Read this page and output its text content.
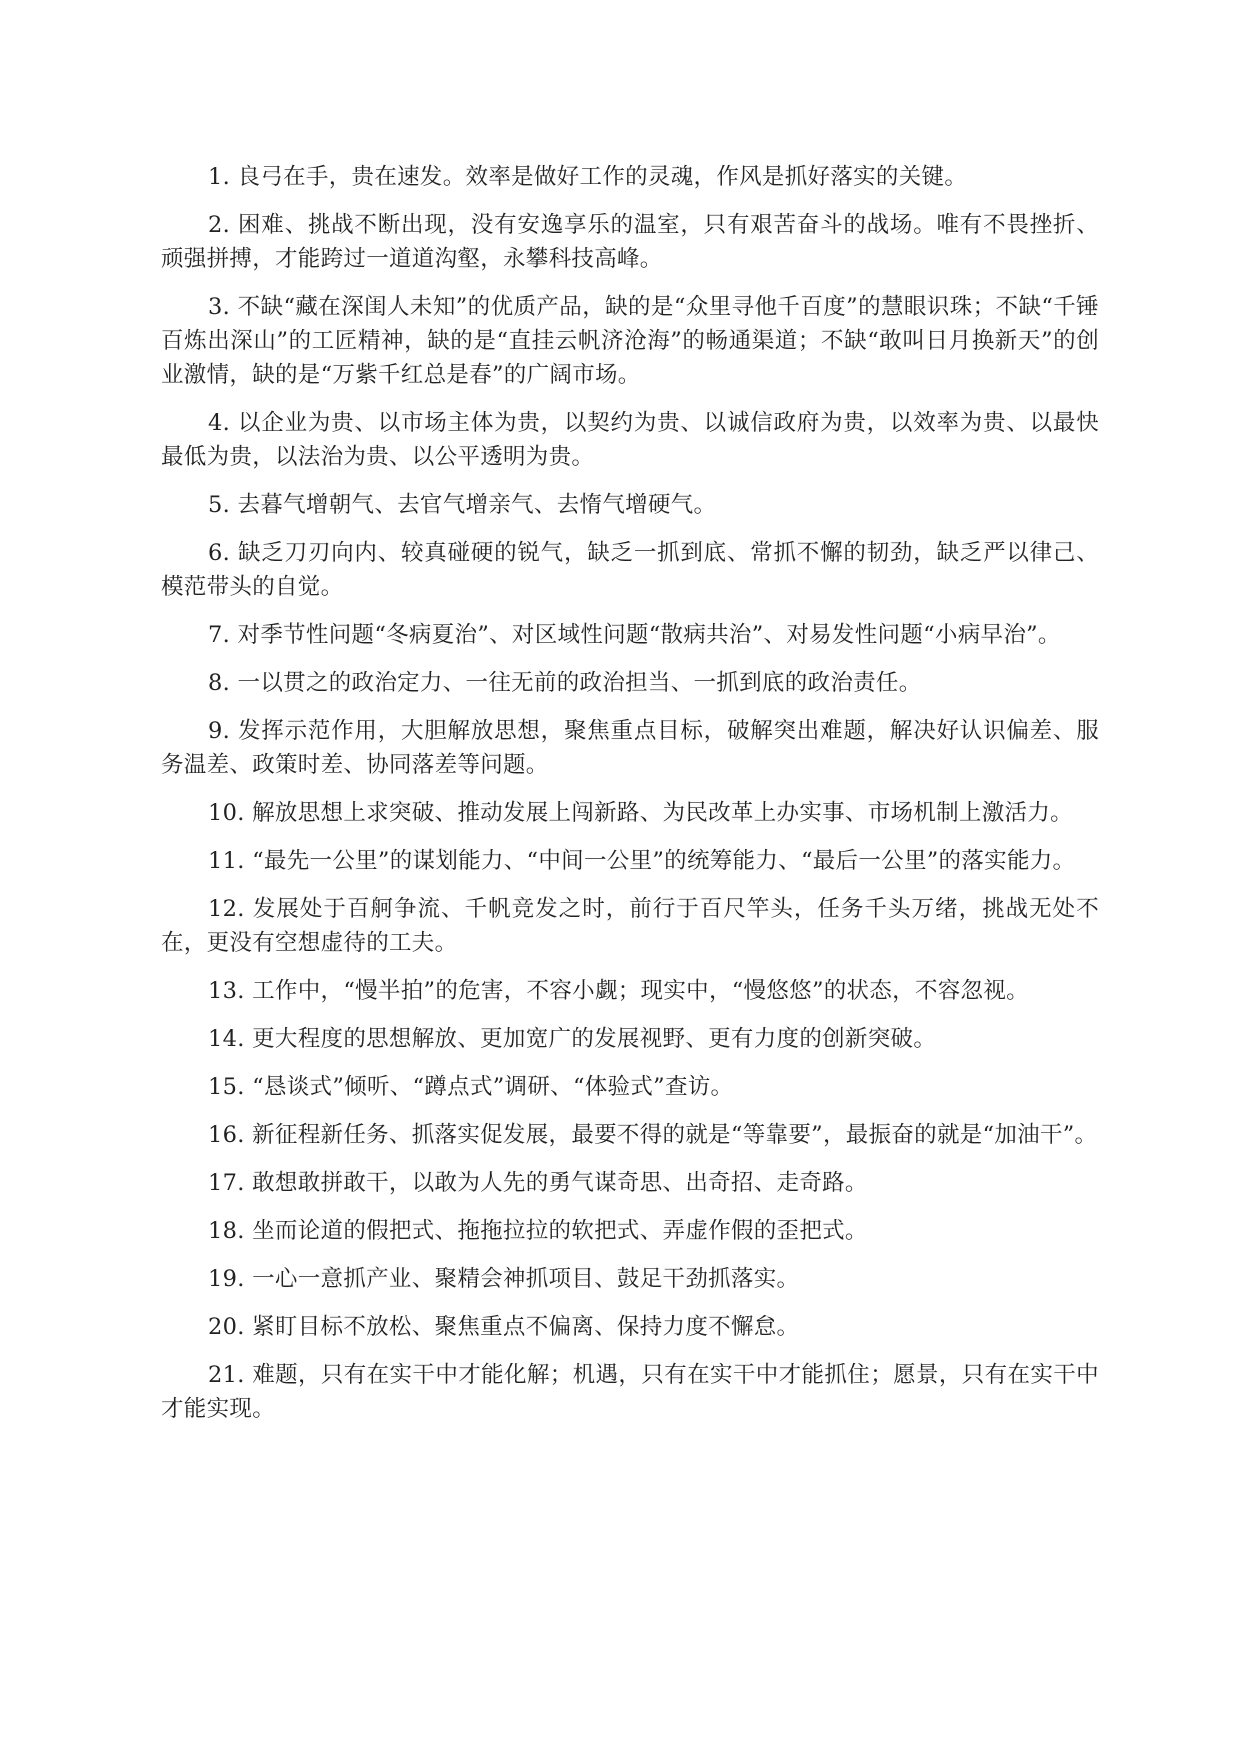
1. 良弓在手，贵在速发。效率是做好工作的灵魂，作风是抓好落实的关键。

2. 困难、挑战不断出现，没有安逸享乐的温室，只有艰苦奋斗的战场。唯有不畏挫折、顽强拼搏，才能跨过一道道沟壑，永攀科技高峰。

3. 不缺“藏在深闺人未知”的优质产品，缺的是“众里寻他千百度”的慧眼识珠；不缺“千锤百炼出深山”的工匠精神，缺的是“直挂云帆济沧海”的畅通渠道；不缺“敢叫日月换新天”的创业激情，缺的是“万紫千红总是春”的广阔市场。

4. 以企业为贵、以市场主体为贵，以契约为贵、以诚信政府为贵，以效率为贵、以最快最低为贵，以法治为贵、以公平透明为贵。

5. 去暮气增朝气、去官气增亲气、去惰气增硬气。

6. 缺乏刀刃向内、较真碰硬的锐气，缺乏一抓到底、常抓不懈的韧劲，缺乏严以律己、模范带头的自觉。

7. 对季节性问题“冬病夏治”、对区域性问题“散病共治”、对易发性问题“小病早治”。

8. 一以贯之的政治定力、一往无前的政治担当、一抓到底的政治责任。

9. 发挥示范作用，大胆解放思想，聚焦重点目标，破解突出难题，解决好认识偏差、服务温差、政策时差、协同落差等问题。

10. 解放思想上求突破、推动发展上闯新路、为民改革上办实事、市场机制上激活力。

11. “最先一公里”的谋划能力、“中间一公里”的统筹能力、“最后一公里”的落实能力。

12. 发展处于百舸争流、千帆竞发之时，前行于百尺竿头，任务千头万绪，挑战无处不在，更没有空想虚待的工夫。

13. 工作中，“慢半拍”的危害，不容小觑；现实中，“慢悠悠”的状态，不容忽视。

14. 更大程度的思想解放、更加宽广的发展视野、更有力度的创新突破。

15. “恳谈式”倾听、“蹲点式”调研、“体验式”查访。

16. 新征程新任务、抓落实促发展，最要不得的就是“等靠要”，最振奋的就是“加油干”。

17. 敢想敢拼敢干，以敢为人先的勇气谋奇思、出奇招、走奇路。

18. 坐而论道的假把式、拖拖拉拉的软把式、弄虚作假的歪把式。

19. 一心一意抓产业、聚精会神抓项目、鼓足干劲抓落实。

20. 紧盯目标不放松、聚焦重点不偏离、保持力度不懈怠。

21. 难题，只有在实干中才能化解；机遇，只有在实干中才能抓住；愿景，只有在实干中才能实现。
